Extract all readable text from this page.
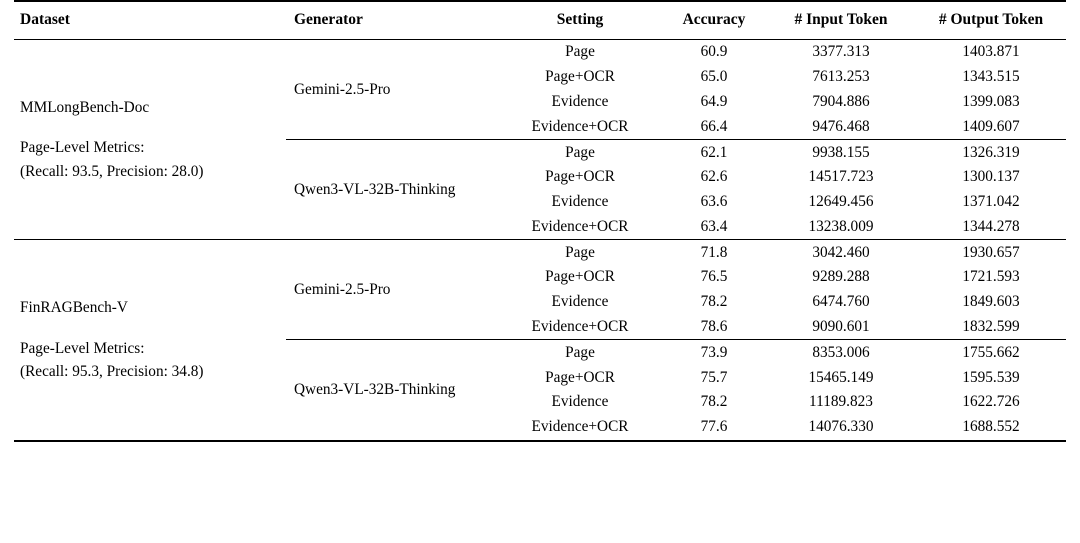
Dataset	Generator	Setting	Accuracy	# Input Token	# Output Token

MMLongBench-Doc
Page-Level Metrics:
(Recall: 93.5, Precision: 28.0)	Gemini-2.5-Pro	Page	60.9	3377.313	1403.871
		Page+OCR	65.0	7613.253	1343.515
		Evidence	64.9	7904.886	1399.083
		Evidence+OCR	66.4	9476.468	1409.607
	Qwen3-VL-32B-Thinking	Page	62.1	9938.155	1326.319
		Page+OCR	62.6	14517.723	1300.137
		Evidence	63.6	12649.456	1371.042
		Evidence+OCR	63.4	13238.009	1344.278

FinRAGBench-V
Page-Level Metrics:
(Recall: 95.3, Precision: 34.8)	Gemini-2.5-Pro	Page	71.8	3042.460	1930.657
		Page+OCR	76.5	9289.288	1721.593
		Evidence	78.2	6474.760	1849.603
		Evidence+OCR	78.6	9090.601	1832.599
	Qwen3-VL-32B-Thinking	Page	73.9	8353.006	1755.662
		Page+OCR	75.7	15465.149	1595.539
		Evidence	78.2	11189.823	1622.726
		Evidence+OCR	77.6	14076.330	1688.552
